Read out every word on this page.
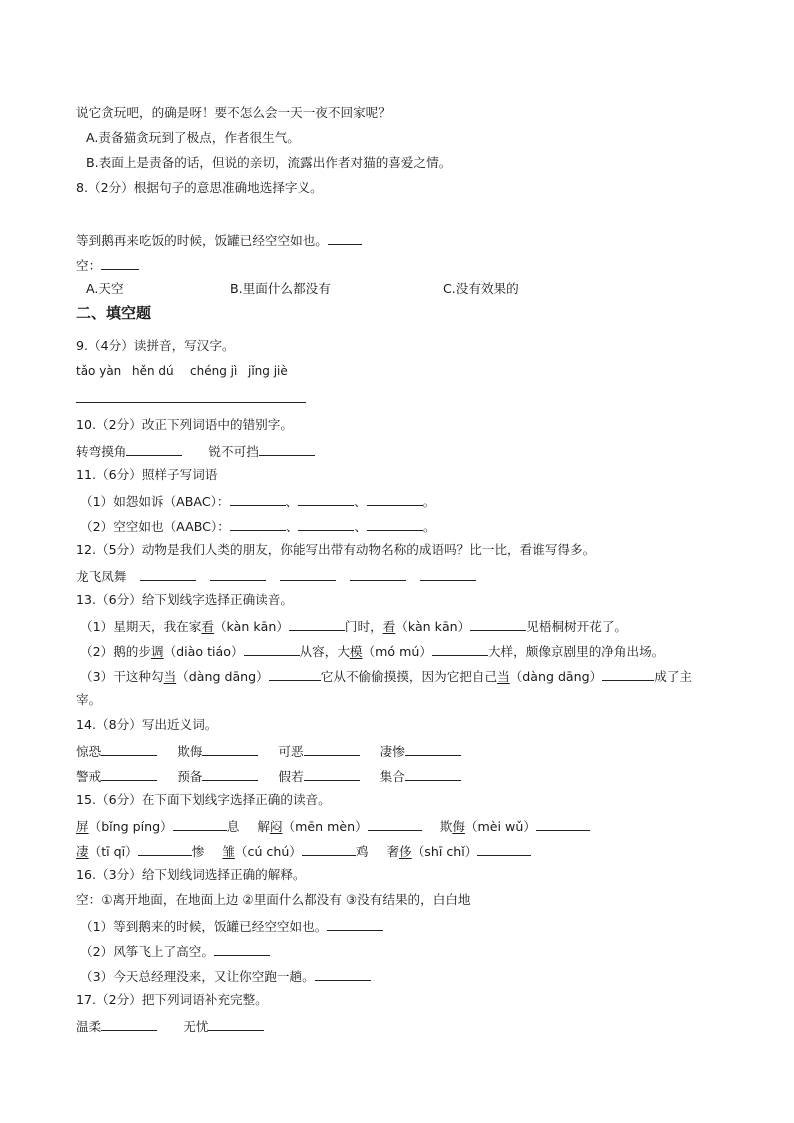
说它贪玩吧，的确是呀！要不怎么会一天一夜不回家呢？
A.责备猫贪玩到了极点，作者很生气。
B.表面上是责备的话，但说的亲切，流露出作者对猫的喜爱之情。
8.（2分）根据句子的意思准确地选择字义。
等到鹅再来吃饭的时候，饭罐已经空空如也。
空：
A.天空	B.里面什么都没有	C.没有效果的
二、填空题
9.（4分）读拼音，写汉字。
tǎo yàn hěn dú chéng jì jǐng jiè
10.（2分）改正下列词语中的错别字。
转弯摸角	锐不可挡
11.（6分）照样子写词语
（1）如怨如诉（ABAC）：	、	、	。
（2）空空如也（AABC）：	、	、	。
12.（5分）动物是我们人类的朋友，你能写出带有动物名称的成语吗？比一比，看谁写得多。
龙飞凤舞
13.（6分）给下划线字选择正确读音。
（1）星期天，我在家看（kàn kān）	门时，看（kàn kān）	见梧桐树开花了。
（2）鹅的步调（diào tiáo）	从容，大模（mó mú）	大样，颇像京剧里的净角出场。
（3）干这种勾当（dàng dāng）	它从不偷偷摸摸，因为它把自己当（dàng dāng）	成了主
宰。
14.（8分）写出近义词。
惊恐	欺侮	可恶	凄惨
警戒	预备	假若	集合
15.（6分）在下面下划线字选择正确的读音。
屏（bǐng píng）	息 解闷（mēn mèn）	欺侮（mèi wǔ）
凄（tī qī）	惨 雏（cú chú）	鸡 奢侈（shī chǐ）
16.（3分）给下划线词选择正确的解释。
空：①离开地面，在地面上边 ②里面什么都没有 ③没有结果的，白白地
（1）等到鹅来的时候，饭罐已经空空如也。
（2）风筝飞上了高空。
（3）今天总经理没来，又让你空跑一趟。
17.（2分）把下列词语补充完整。
温柔	无忧
